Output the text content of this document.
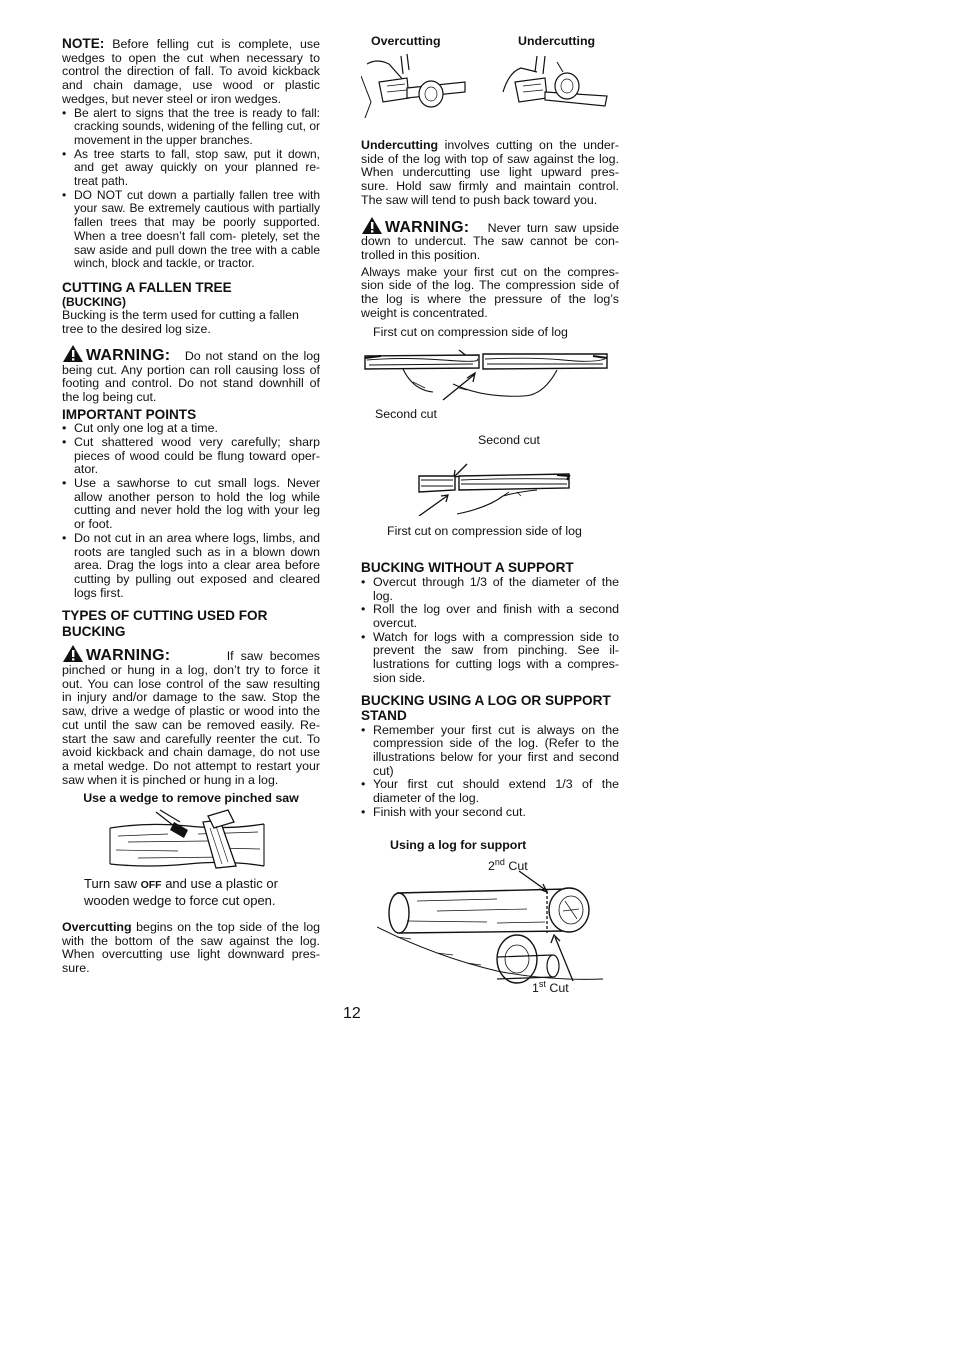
NOTE: Before felling cut is complete, use wedges to open the cut when necessary to control the direction of fall. To avoid kickback and chain damage, use wood or plastic wedges, but never steel or iron wedges.

• Be alert to signs that the tree is ready to fall: cracking sounds, widening of the felling cut, or movement in the upper branches.
• As tree starts to fall, stop saw, put it down, and get away quickly on your planned re- treat path.
• DO NOT cut down a partially fallen tree with your saw. Be extremely cautious with partially fallen trees that may be poorly supported. When a tree doesn’t fall com- pletely, set the saw aside and pull down the tree with a cable winch, block and tackle, or tractor.
CUTTING A FALLEN TREE
(BUCKING)

Bucking is the term used for cutting a fallen tree to the desired log size.

WARNING: Do not stand on the log being cut. Any portion can roll causing loss of footing and control. Do not stand downhill of the log being cut.

IMPORTANT POINTS
• Cut only one log at a time.
• Cut shattered wood very carefully; sharp pieces of wood could be flung toward oper- ator.
• Use a sawhorse to cut small logs. Never allow another person to hold the log while cutting and never hold the log with your leg or foot.
• Do not cut in an area where logs, limbs, and roots are tangled such as in a blown down area. Drag the logs into a clear area before cutting by pulling out exposed and cleared logs first.
TYPES OF CUTTING USED FOR BUCKING

WARNING:	If saw becomes pinched or hung in a log, don’t try to force it out. You can lose control of the saw resulting in injury and/or damage to the saw. Stop the saw, drive a wedge of plastic or wood into the cut until the saw can be removed easily. Re- start the saw and carefully reenter the cut. To avoid kickback and chain damage, do not use a metal wedge. Do not attempt to restart your saw when it is pinched or hung in a log.

Use a wedge to remove pinched saw

Turn saw OFF and use a plastic or wooden wedge to force cut open.

Overcutting begins on the top side of the log with the bottom of the saw against the log. When overcutting use light downward pres- sure.

Overcutting	Undercutting

Undercutting involves cutting on the under- side of the log with top of saw against the log. When undercutting use light upward pres- sure. Hold saw firmly and maintain control. The saw will tend to push back toward you.

WARNING: Never turn saw upside down to undercut. The saw cannot be con- trolled in this position.

Always make your first cut on the compres- sion side of the log. The compression side of the log is where the pressure of the log’s weight is concentrated.

First cut on compression side of log
Second cut
Second cut
First cut on compression side of log
BUCKING WITHOUT A SUPPORT
• Overcut through 1/3 of the diameter of the log.
• Roll the log over and finish with a second overcut.
• Watch for logs with a compression side to prevent the saw from pinching. See il- lustrations for cutting logs with a compres- sion side.
BUCKING USING A LOG OR SUPPORT STAND
• Remember your first cut is always on the compression side of the log. (Refer to the illustrations below for your first and second cut)
• Your first cut should extend 1/3 of the diameter of the log.
• Finish with your second cut.
Using a log for support
2nd Cut
1st Cut
12
